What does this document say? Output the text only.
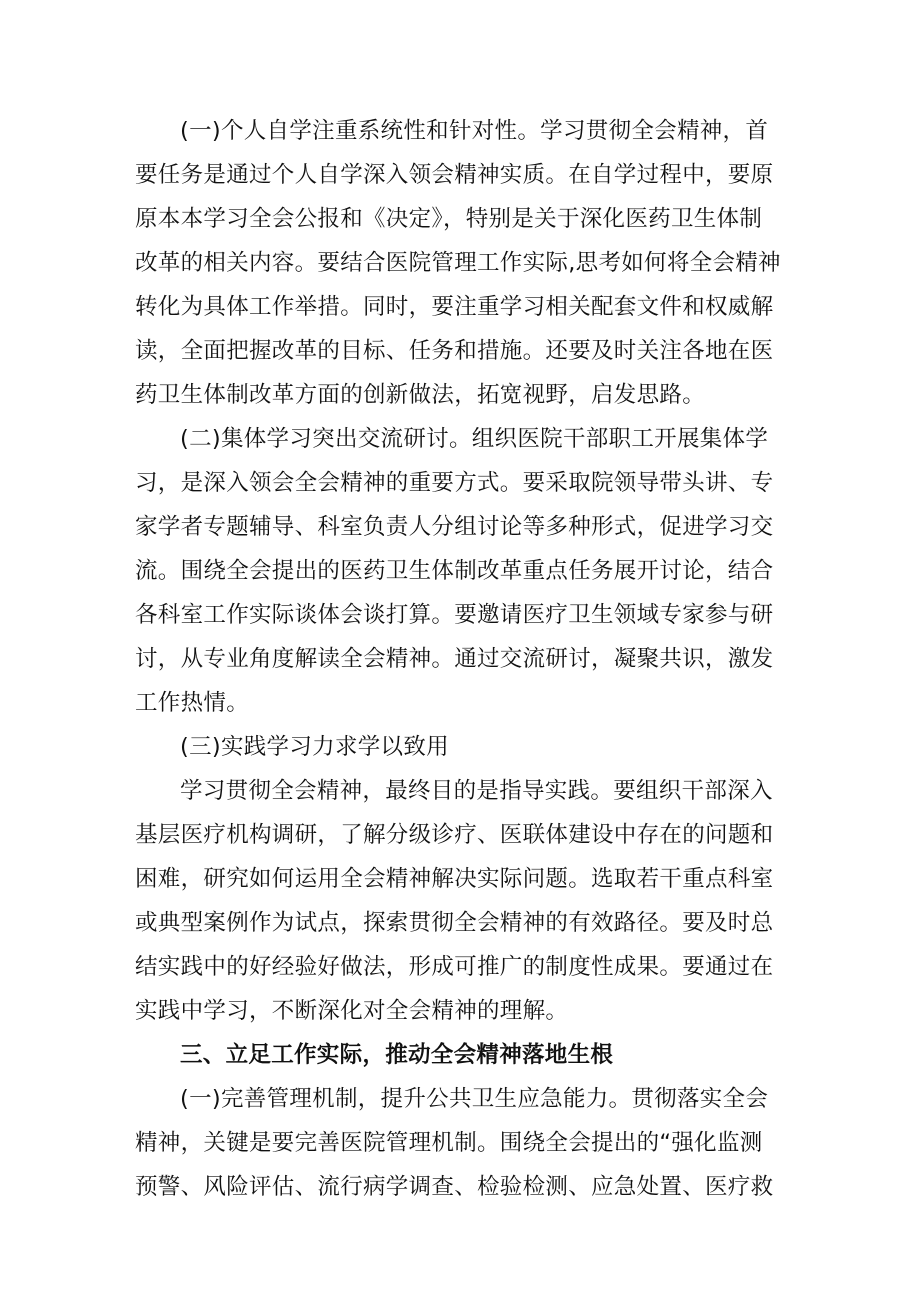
(一)个人自学注重系统性和针对性。学习贯彻全会精神，首
要任务是通过个人自学深入领会精神实质。在自学过程中，要原
原本本学习全会公报和《决定》，特别是关于深化医药卫生体制
改革的相关内容。要结合医院管理工作实际,思考如何将全会精神
转化为具体工作举措。同时，要注重学习相关配套文件和权威解
读，全面把握改革的目标、任务和措施。还要及时关注各地在医
药卫生体制改革方面的创新做法，拓宽视野，启发思路。
(二)集体学习突出交流研讨。组织医院干部职工开展集体学
习，是深入领会全会精神的重要方式。要采取院领导带头讲、专
家学者专题辅导、科室负责人分组讨论等多种形式，促进学习交
流。围绕全会提出的医药卫生体制改革重点任务展开讨论，结合
各科室工作实际谈体会谈打算。要邀请医疗卫生领域专家参与研
讨，从专业角度解读全会精神。通过交流研讨，凝聚共识，激发
工作热情。
(三)实践学习力求学以致用
学习贯彻全会精神，最终目的是指导实践。要组织干部深入
基层医疗机构调研，了解分级诊疗、医联体建设中存在的问题和
困难，研究如何运用全会精神解决实际问题。选取若干重点科室
或典型案例作为试点，探索贯彻全会精神的有效路径。要及时总
结实践中的好经验好做法，形成可推广的制度性成果。要通过在
实践中学习，不断深化对全会精神的理解。
三、立足工作实际，推动全会精神落地生根
(一)完善管理机制，提升公共卫生应急能力。贯彻落实全会
精神，关键是要完善医院管理机制。围绕全会提出的“强化监测
预警、风险评估、流行病学调查、检验检测、应急处置、医疗救
